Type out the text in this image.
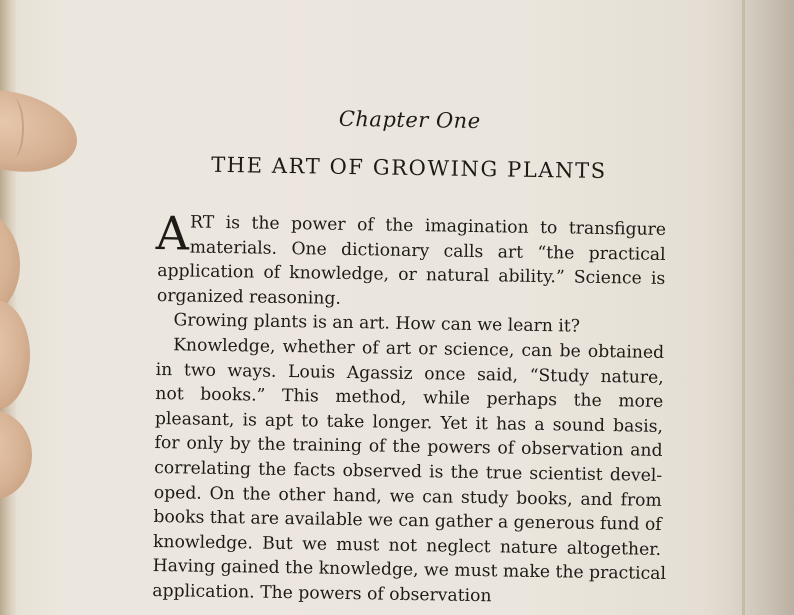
Chapter One

THE ART OF GROWING PLANTS

A RT is the power of the imagination to transfigure
materials. One dictionary calls art “the practical
application of knowledge, or natural ability.” Science is
organized reasoning.
Growing plants is an art. How can we learn it?
Knowledge, whether of art or science, can be obtained
in two ways. Louis Agassiz once said, “Study nature,
not books.” This method, while perhaps the more
pleasant, is apt to take longer. Yet it has a sound basis,
for only by the training of the powers of observation and
correlating the facts observed is the true scientist devel-
oped. On the other hand, we can study books, and from
books that are available we can gather a generous fund of
knowledge. But we must not neglect nature altogether.
Having gained the knowledge, we must make the practical
application. The powers of observation
